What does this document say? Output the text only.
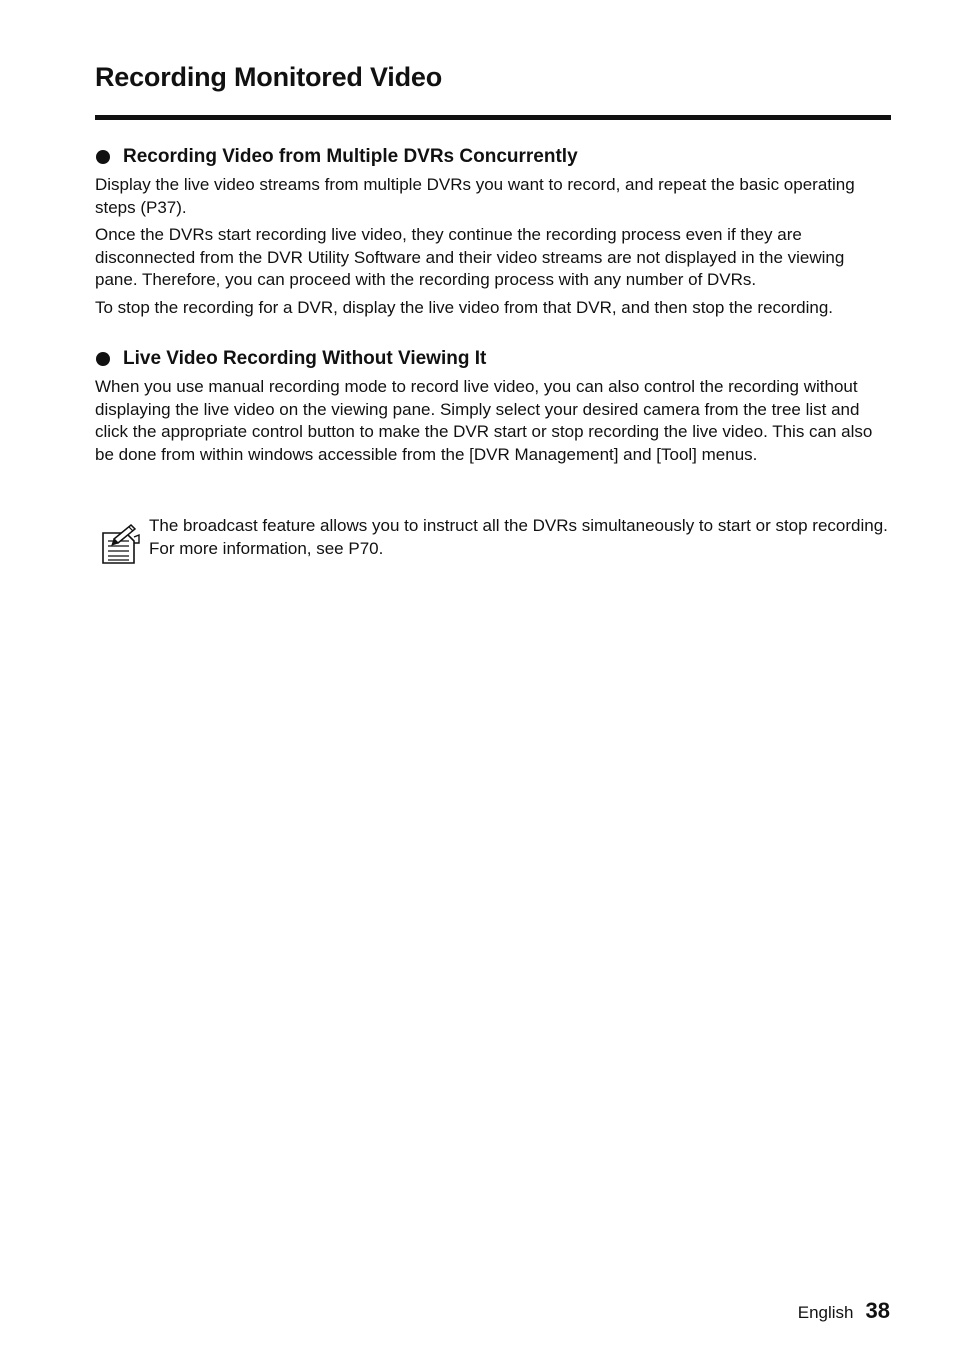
Recording Monitored Video
Recording Video from Multiple DVRs Concurrently

Display the live video streams from multiple DVRs you want to record, and repeat the basic operating steps (P37).

Once the DVRs start recording live video, they continue the recording process even if they are disconnected from the DVR Utility Software and their video streams are not displayed in the viewing pane. Therefore, you can proceed with the recording process with any number of DVRs.

To stop the recording for a DVR, display the live video from that DVR, and then stop the recording.

Live Video Recording Without Viewing It

When you use manual recording mode to record live video, you can also control the recording without displaying the live video on the viewing pane. Simply select your desired camera from the tree list and click the appropriate control button to make the DVR start or stop recording the live video. This can also be done from within windows accessible from the [DVR Management] and [Tool] menus.

The broadcast feature allows you to instruct all the DVRs simultaneously to start or stop recording. For more information, see P70.

English 38
